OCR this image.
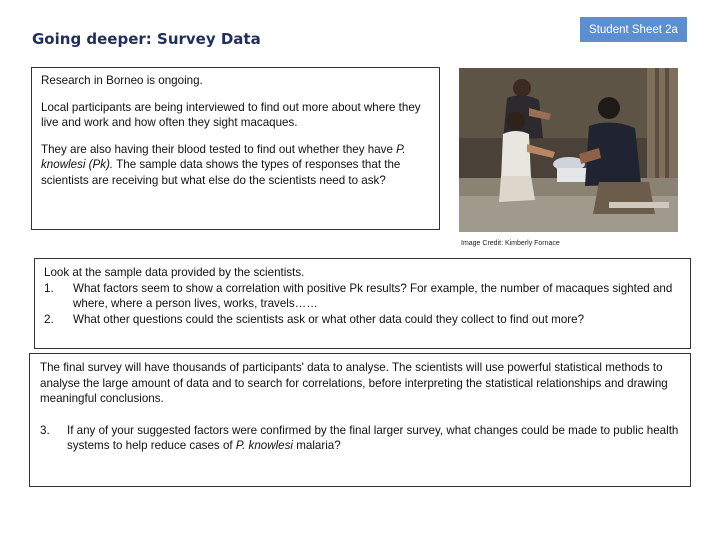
Going deeper: Survey Data
Student Sheet 2a

Research in Borneo is ongoing.

Local participants are being interviewed to find out more about where they live and work and how often they sight macaques.

They are also having their blood tested to find out whether they have P. knowlesi (Pk). The sample data shows the types of responses that the scientists are receiving but what else do the scientists need to ask?

Image Credit: Kimberly Fornace

Look at the sample data provided by the scientists.

1.	What factors seem to show a correlation with positive Pk results? For example, the number of macaques sighted and where, where a person lives, works, travels……
2.	What other questions could the scientists ask or what other data could they collect to find out more?

The final survey will have thousands of participants' data to analyse. The scientists will use powerful statistical methods to analyse the large amount of data and to search for correlations, before interpreting the statistical relationships and drawing meaningful conclusions.

3.	If any of your suggested factors were confirmed by the final larger survey, what changes could be made to public health systems to help reduce cases of P. knowlesi malaria?
